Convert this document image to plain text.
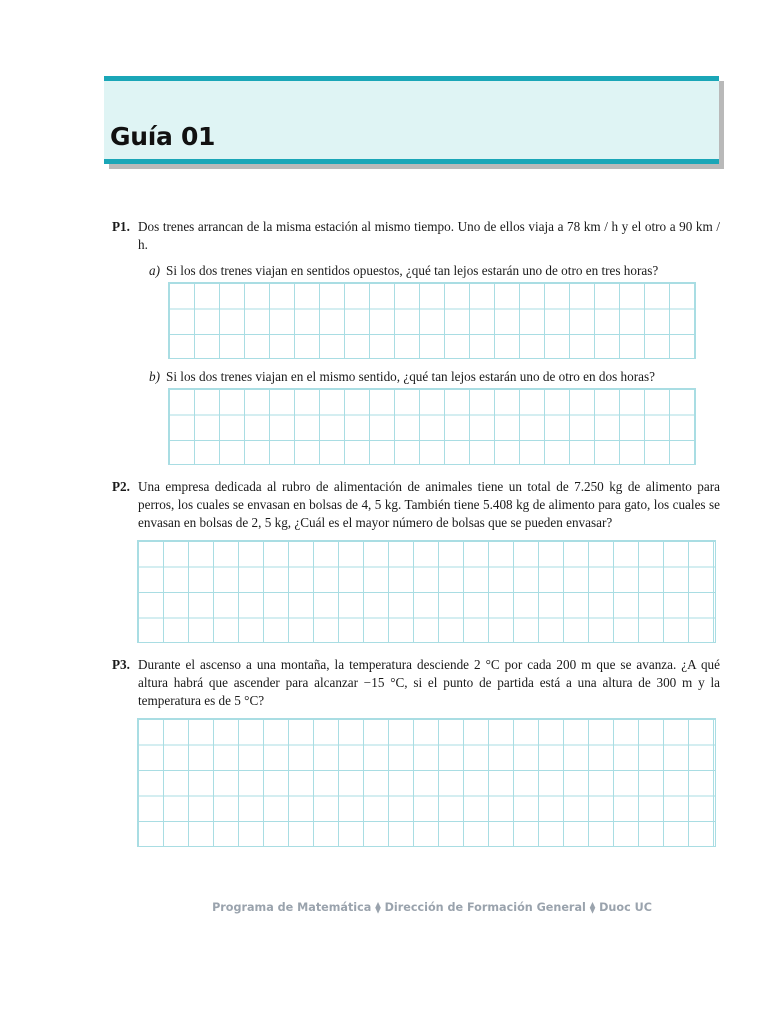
Guía 01
P1. Dos trenes arrancan de la misma estación al mismo tiempo. Uno de ellos viaja a 78 km / h y el otro a 90 km / h.
a) Si los dos trenes viajan en sentidos opuestos, ¿qué tan lejos estarán uno de otro en tres horas?
b) Si los dos trenes viajan en el mismo sentido, ¿qué tan lejos estarán uno de otro en dos horas?
P2. Una empresa dedicada al rubro de alimentación de animales tiene un total de 7.250 kg de alimento para perros, los cuales se envasan en bolsas de 4, 5 kg. También tiene 5.408 kg de alimento para gato, los cuales se envasan en bolsas de 2, 5 kg, ¿Cuál es el mayor número de bolsas que se pueden envasar?
P3. Durante el ascenso a una montaña, la temperatura desciende 2 °C por cada 200 m que se avanza. ¿A qué altura habrá que ascender para alcanzar −15 °C, si el punto de partida está a una altura de 300 m y la temperatura es de 5 °C?
Programa de Matemática ⧫ Dirección de Formación General ⧫ Duoc UC
